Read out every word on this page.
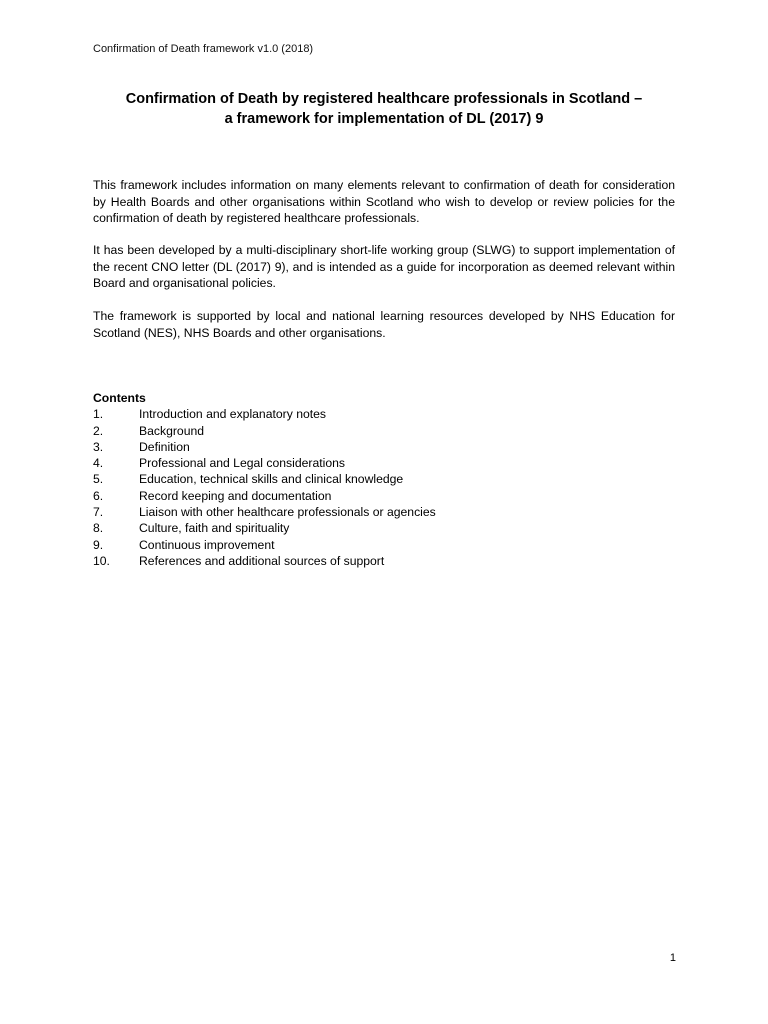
Confirmation of Death framework v1.0 (2018)
Confirmation of Death by registered healthcare professionals in Scotland –
a framework for implementation of DL (2017) 9
This framework includes information on many elements relevant to confirmation of death for consideration by Health Boards and other organisations within Scotland who wish to develop or review policies for the confirmation of death by registered healthcare professionals.
It has been developed by a multi-disciplinary short-life working group (SLWG) to support implementation of the recent CNO letter (DL (2017) 9), and is intended as a guide for incorporation as deemed relevant within Board and organisational policies.
The framework is supported by local and national learning resources developed by NHS Education for Scotland (NES), NHS Boards and other organisations.
Contents
1.	Introduction and explanatory notes
2.	Background
3.	Definition
4.	Professional and Legal considerations
5.	Education, technical skills and clinical knowledge
6.	Record keeping and documentation
7.	Liaison with other healthcare professionals or agencies
8.	Culture, faith and spirituality
9.	Continuous improvement
10.	References and additional sources of support
1
